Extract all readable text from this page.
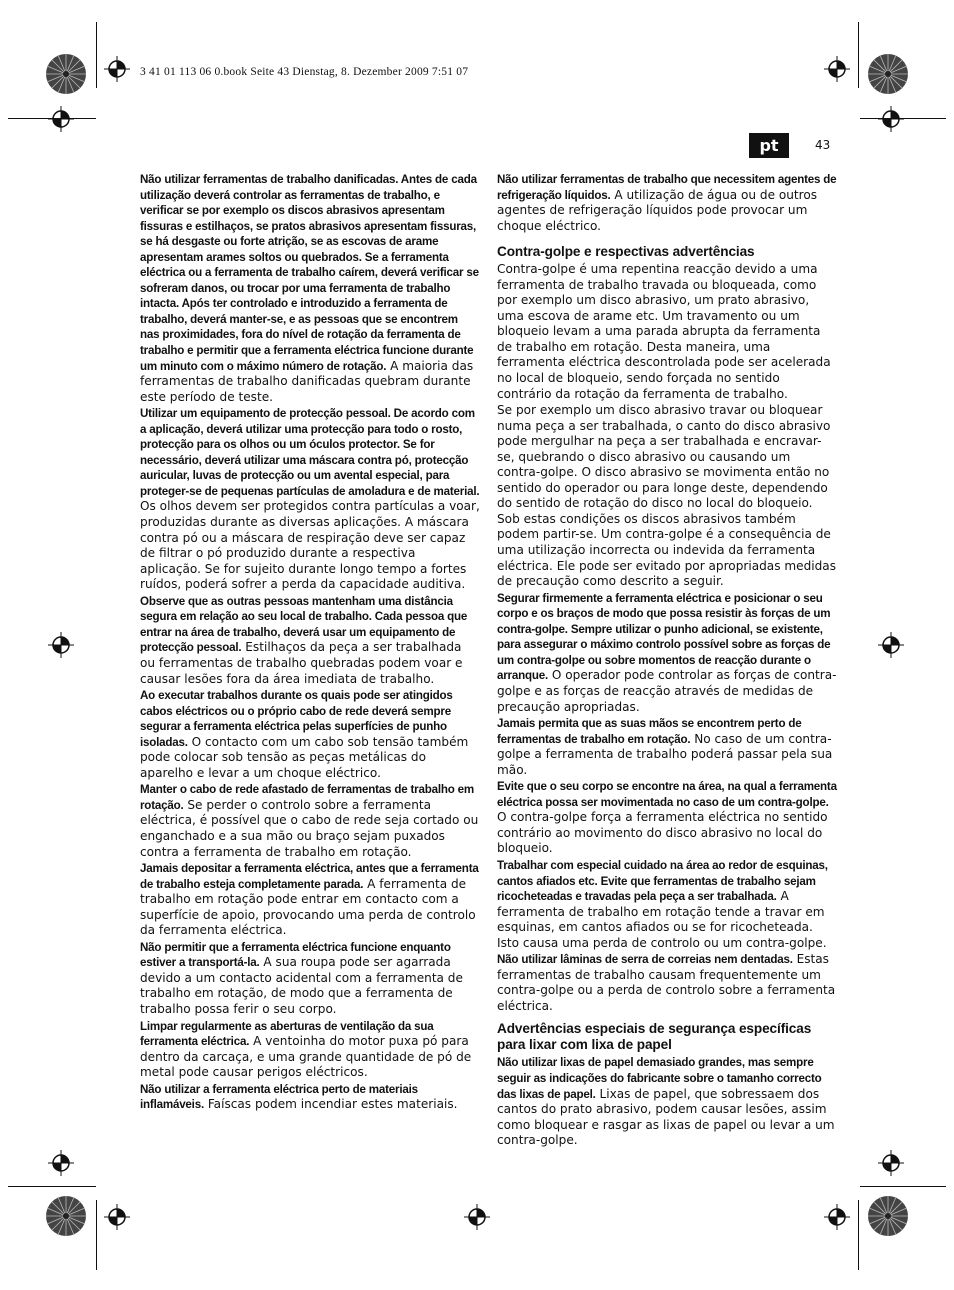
3 41 01 113 06 0.book Seite 43 Dienstag, 8. Dezember 2009 7:51 07
pt	43

Não utilizar ferramentas de trabalho danificadas. Antes de cada utilização deverá controlar as ferramentas de trabalho, e verificar se por exemplo os discos abrasivos apresentam fissuras e estilhaços, se pratos abrasivos apresentam fissuras, se há desgaste ou forte atrição, se as escovas de arame apresentam arames soltos ou quebrados. Se a ferramenta eléctrica ou a ferramenta de trabalho caírem, deverá verificar se sofreram danos, ou trocar por uma ferramenta de trabalho intacta. Após ter controlado e introduzido a ferramenta de trabalho, deverá manter-se, e as pessoas que se encontrem nas proximidades, fora do nível de rotação da ferramenta de trabalho e permitir que a ferramenta eléctrica funcione durante um minuto com o máximo número de rotação. A maioria das ferramentas de trabalho danificadas quebram durante este período de teste.

Utilizar um equipamento de protecção pessoal. De acordo com a aplicação, deverá utilizar uma protecção para todo o rosto, protecção para os olhos ou um óculos protector. Se for necessário, deverá utilizar uma máscara contra pó, protecção auricular, luvas de protecção ou um avental especial, para proteger-se de pequenas partículas de amoladura e de material. Os olhos devem ser protegidos contra partículas a voar, produzidas durante as diversas aplicações. A máscara contra pó ou a máscara de respiração deve ser capaz de filtrar o pó produzido durante a respectiva aplicação. Se for sujeito durante longo tempo a fortes ruídos, poderá sofrer a perda da capacidade auditiva.

Observe que as outras pessoas mantenham uma distância segura em relação ao seu local de trabalho. Cada pessoa que entrar na área de trabalho, deverá usar um equipamento de protecção pessoal. Estilhaços da peça a ser trabalhada ou ferramentas de trabalho quebradas podem voar e causar lesões fora da área imediata de trabalho.

Ao executar trabalhos durante os quais pode ser atingidos cabos eléctricos ou o próprio cabo de rede deverá sempre segurar a ferramenta eléctrica pelas superfícies de punho isoladas. O contacto com um cabo sob tensão também pode colocar sob tensão as peças metálicas do aparelho e levar a um choque eléctrico.

Manter o cabo de rede afastado de ferramentas de trabalho em rotação. Se perder o controlo sobre a ferramenta eléctrica, é possível que o cabo de rede seja cortado ou enganchado e a sua mão ou braço sejam puxados contra a ferramenta de trabalho em rotação.

Jamais depositar a ferramenta eléctrica, antes que a ferramenta de trabalho esteja completamente parada. A ferramenta de trabalho em rotação pode entrar em contacto com a superfície de apoio, provocando uma perda de controlo da ferramenta eléctrica.

Não permitir que a ferramenta eléctrica funcione enquanto estiver a transportá-la. A sua roupa pode ser agarrada devido a um contacto acidental com a ferramenta de trabalho em rotação, de modo que a ferramenta de trabalho possa ferir o seu corpo.

Limpar regularmente as aberturas de ventilação da sua ferramenta eléctrica. A ventoinha do motor puxa pó para dentro da carcaça, e uma grande quantidade de pó de metal pode causar perigos eléctricos.

Não utilizar a ferramenta eléctrica perto de materiais inflamáveis. Faíscas podem incendiar estes materiais.

Não utilizar ferramentas de trabalho que necessitem agentes de refrigeração líquidos. A utilização de água ou de outros agentes de refrigeração líquidos pode provocar um choque eléctrico.

Contra-golpe e respectivas advertências

Contra-golpe é uma repentina reacção devido a uma ferramenta de trabalho travada ou bloqueada, como por exemplo um disco abrasivo, um prato abrasivo, uma escova de arame etc. Um travamento ou um bloqueio levam a uma parada abrupta da ferramenta de trabalho em rotação. Desta maneira, uma ferramenta eléctrica descontrolada pode ser acelerada no local de bloqueio, sendo forçada no sentido contrário da rotação da ferramenta de trabalho.

Se por exemplo um disco abrasivo travar ou bloquear numa peça a ser trabalhada, o canto do disco abrasivo pode mergulhar na peça a ser trabalhada e encravar-se, quebrando o disco abrasivo ou causando um contra-golpe. O disco abrasivo se movimenta então no sentido do operador ou para longe deste, dependendo do sentido de rotação do disco no local do bloqueio. Sob estas condições os discos abrasivos também podem partir-se. Um contra-golpe é a consequência de uma utilização incorrecta ou indevida da ferramenta eléctrica. Ele pode ser evitado por apropriadas medidas de precaução como descrito a seguir.

Segurar firmemente a ferramenta eléctrica e posicionar o seu corpo e os braços de modo que possa resistir às forças de um contra-golpe. Sempre utilizar o punho adicional, se existente, para assegurar o máximo controlo possível sobre as forças de um contra-golpe ou sobre momentos de reacção durante o arranque. O operador pode controlar as forças de contra-golpe e as forças de reacção através de medidas de precaução apropriadas.

Jamais permita que as suas mãos se encontrem perto de ferramentas de trabalho em rotação. No caso de um contra-golpe a ferramenta de trabalho poderá passar pela sua mão.

Evite que o seu corpo se encontre na área, na qual a ferramenta eléctrica possa ser movimentada no caso de um contra-golpe. O contra-golpe força a ferramenta eléctrica no sentido contrário ao movimento do disco abrasivo no local do bloqueio.

Trabalhar com especial cuidado na área ao redor de esquinas, cantos afiados etc. Evite que ferramentas de trabalho sejam ricocheteadas e travadas pela peça a ser trabalhada. A ferramenta de trabalho em rotação tende a travar em esquinas, em cantos afiados ou se for ricocheteada. Isto causa uma perda de controlo ou um contra-golpe.

Não utilizar lâminas de serra de correias nem dentadas. Estas ferramentas de trabalho causam frequentemente um contra-golpe ou a perda de controlo sobre a ferramenta eléctrica.

Advertências especiais de segurança específicas para lixar com lixa de papel

Não utilizar lixas de papel demasiado grandes, mas sempre seguir as indicações do fabricante sobre o tamanho correcto das lixas de papel. Lixas de papel, que sobressaem dos cantos do prato abrasivo, podem causar lesões, assim como bloquear e rasgar as lixas de papel ou levar a um contra-golpe.
